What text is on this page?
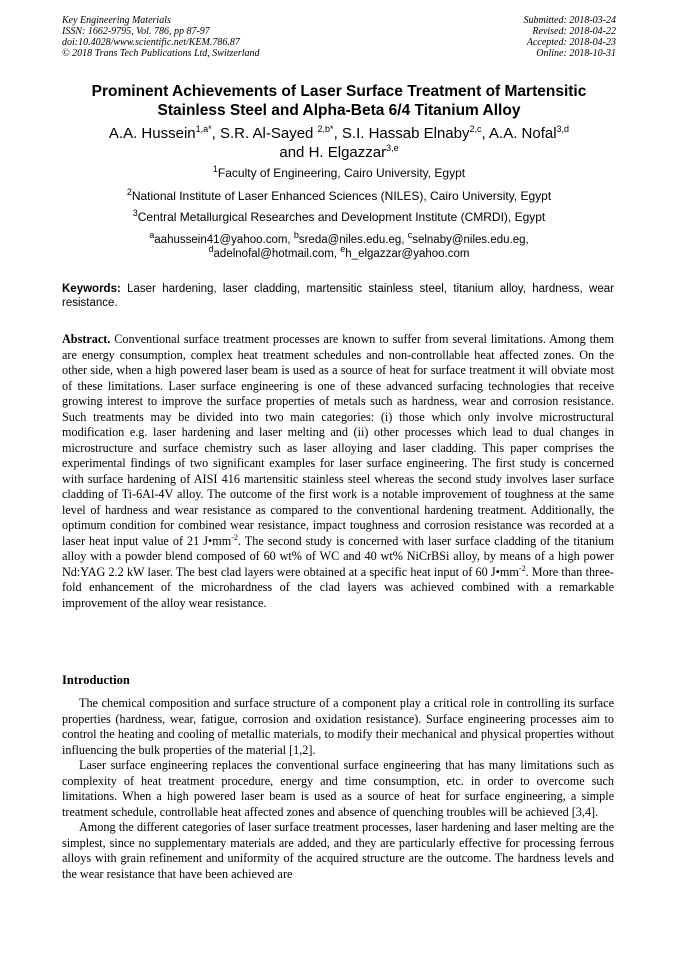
Key Engineering Materials
ISSN: 1662-9795, Vol. 786, pp 87-97
doi:10.4028/www.scientific.net/KEM.786.87
© 2018 Trans Tech Publications Ltd, Switzerland
Submitted: 2018-03-24
Revised: 2018-04-22
Accepted: 2018-04-23
Online: 2018-10-31
Prominent Achievements of Laser Surface Treatment of Martensitic
Stainless Steel and Alpha-Beta 6/4 Titanium Alloy
A.A. Hussein$^{1,a*}$, S.R. Al-Sayed $^{2,b*}$, S.I. Hassab Elnaby$^{2,c}$, A.A. Nofal$^{3,d}$
and H. Elgazzar$^{3,e}$
$^1$Faculty of Engineering, Cairo University, Egypt
$^2$National Institute of Laser Enhanced Sciences (NILES), Cairo University, Egypt
$^3$Central Metallurgical Researches and Development Institute (CMRDI), Egypt
$^a$aahussein41@yahoo.com, $^b$sreda@niles.edu.eg, $^c$selnaby@niles.edu.eg,
$^d$adelnofal@hotmail.com, $^e$h_elgazzar@yahoo.com
Keywords: Laser hardening, laser cladding, martensitic stainless steel, titanium alloy, hardness, wear resistance.
Abstract. Conventional surface treatment processes are known to suffer from several limitations. Among them are energy consumption, complex heat treatment schedules and non-controllable heat affected zones. On the other side, when a high powered laser beam is used as a source of heat for surface treatment it will obviate most of these limitations. Laser surface engineering is one of these advanced surfacing technologies that receive growing interest to improve the surface properties of metals such as hardness, wear and corrosion resistance. Such treatments may be divided into two main categories: (i) those which only involve microstructural modification e.g. laser hardening and laser melting and (ii) other processes which lead to dual changes in microstructure and surface chemistry such as laser alloying and laser cladding. This paper comprises the experimental findings of two significant examples for laser surface engineering. The first study is concerned with surface hardening of AISI 416 martensitic stainless steel whereas the second study involves laser surface cladding of Ti-6Al-4V alloy. The outcome of the first work is a notable improvement of toughness at the same level of hardness and wear resistance as compared to the conventional hardening treatment. Additionally, the optimum condition for combined wear resistance, impact toughness and corrosion resistance was recorded at a laser heat input value of 21 $J•mm^{-2}$. The second study is concerned with laser surface cladding of the titanium alloy with a powder blend composed of 60 wt% of WC and 40 wt% NiCrBSi alloy, by means of a high power Nd:YAG 2.2 kW laser. The best clad layers were obtained at a specific heat input of 60 $J•mm^{-2}$. More than three-fold enhancement of the microhardness of the clad layers was achieved combined with a remarkable improvement of the alloy wear resistance.
Introduction

The chemical composition and surface structure of a component play a critical role in controlling its surface properties (hardness, wear, fatigue, corrosion and oxidation resistance). Surface engineering processes aim to control the heating and cooling of metallic materials, to modify their mechanical and physical properties without influencing the bulk properties of the material [1,2].

Laser surface engineering replaces the conventional surface engineering that has many limitations such as complexity of heat treatment procedure, energy and time consumption, etc. in order to overcome such limitations. When a high powered laser beam is used as a source of heat for surface engineering, a simple treatment schedule, controllable heat affected zones and absence of quenching troubles will be achieved [3,4].

Among the different categories of laser surface treatment processes, laser hardening and laser melting are the simplest, since no supplementary materials are added, and they are particularly effective for processing ferrous alloys with grain refinement and uniformity of the acquired structure are the outcome. The hardness levels and the wear resistance that have been achieved are
